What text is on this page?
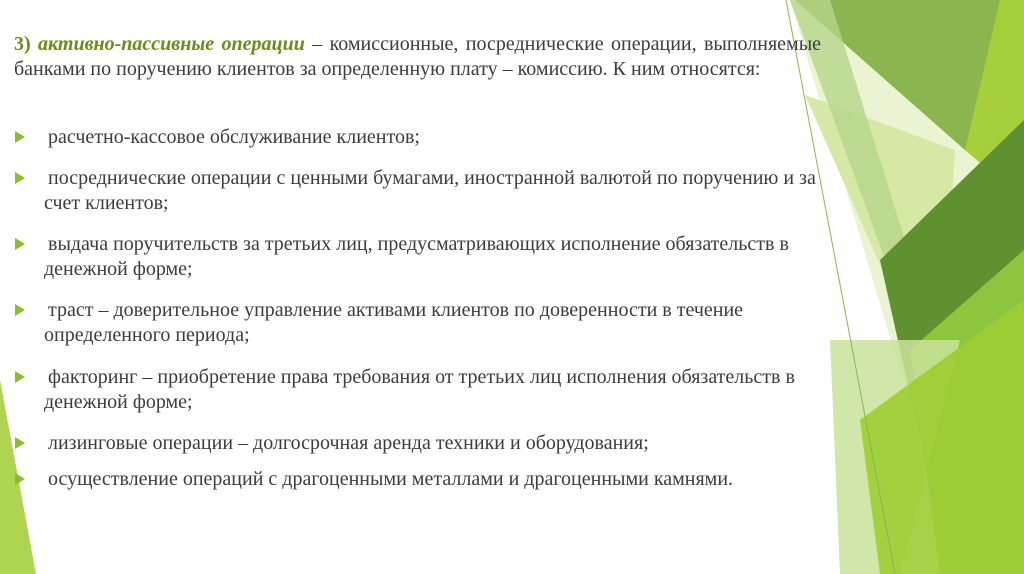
3) активно-пассивные операции – комиссионные, посреднические операции, выполняемые банками по поручению клиентов за определенную плату – комиссию. К ним относятся:

расчетно-кассовое обслуживание клиентов;
посреднические операции с ценными бумагами, иностранной валютой по поручению и за счет клиентов;
выдача поручительств за третьих лиц, предусматривающих исполнение обязательств в денежной форме;
траст – доверительное управление активами клиентов по доверенности в течение определенного периода;
факторинг – приобретение права требования от третьих лиц исполнения обязательств в денежной форме;
лизинговые операции – долгосрочная аренда техники и оборудования;
осуществление операций с драгоценными металлами и драгоценными камнями.
